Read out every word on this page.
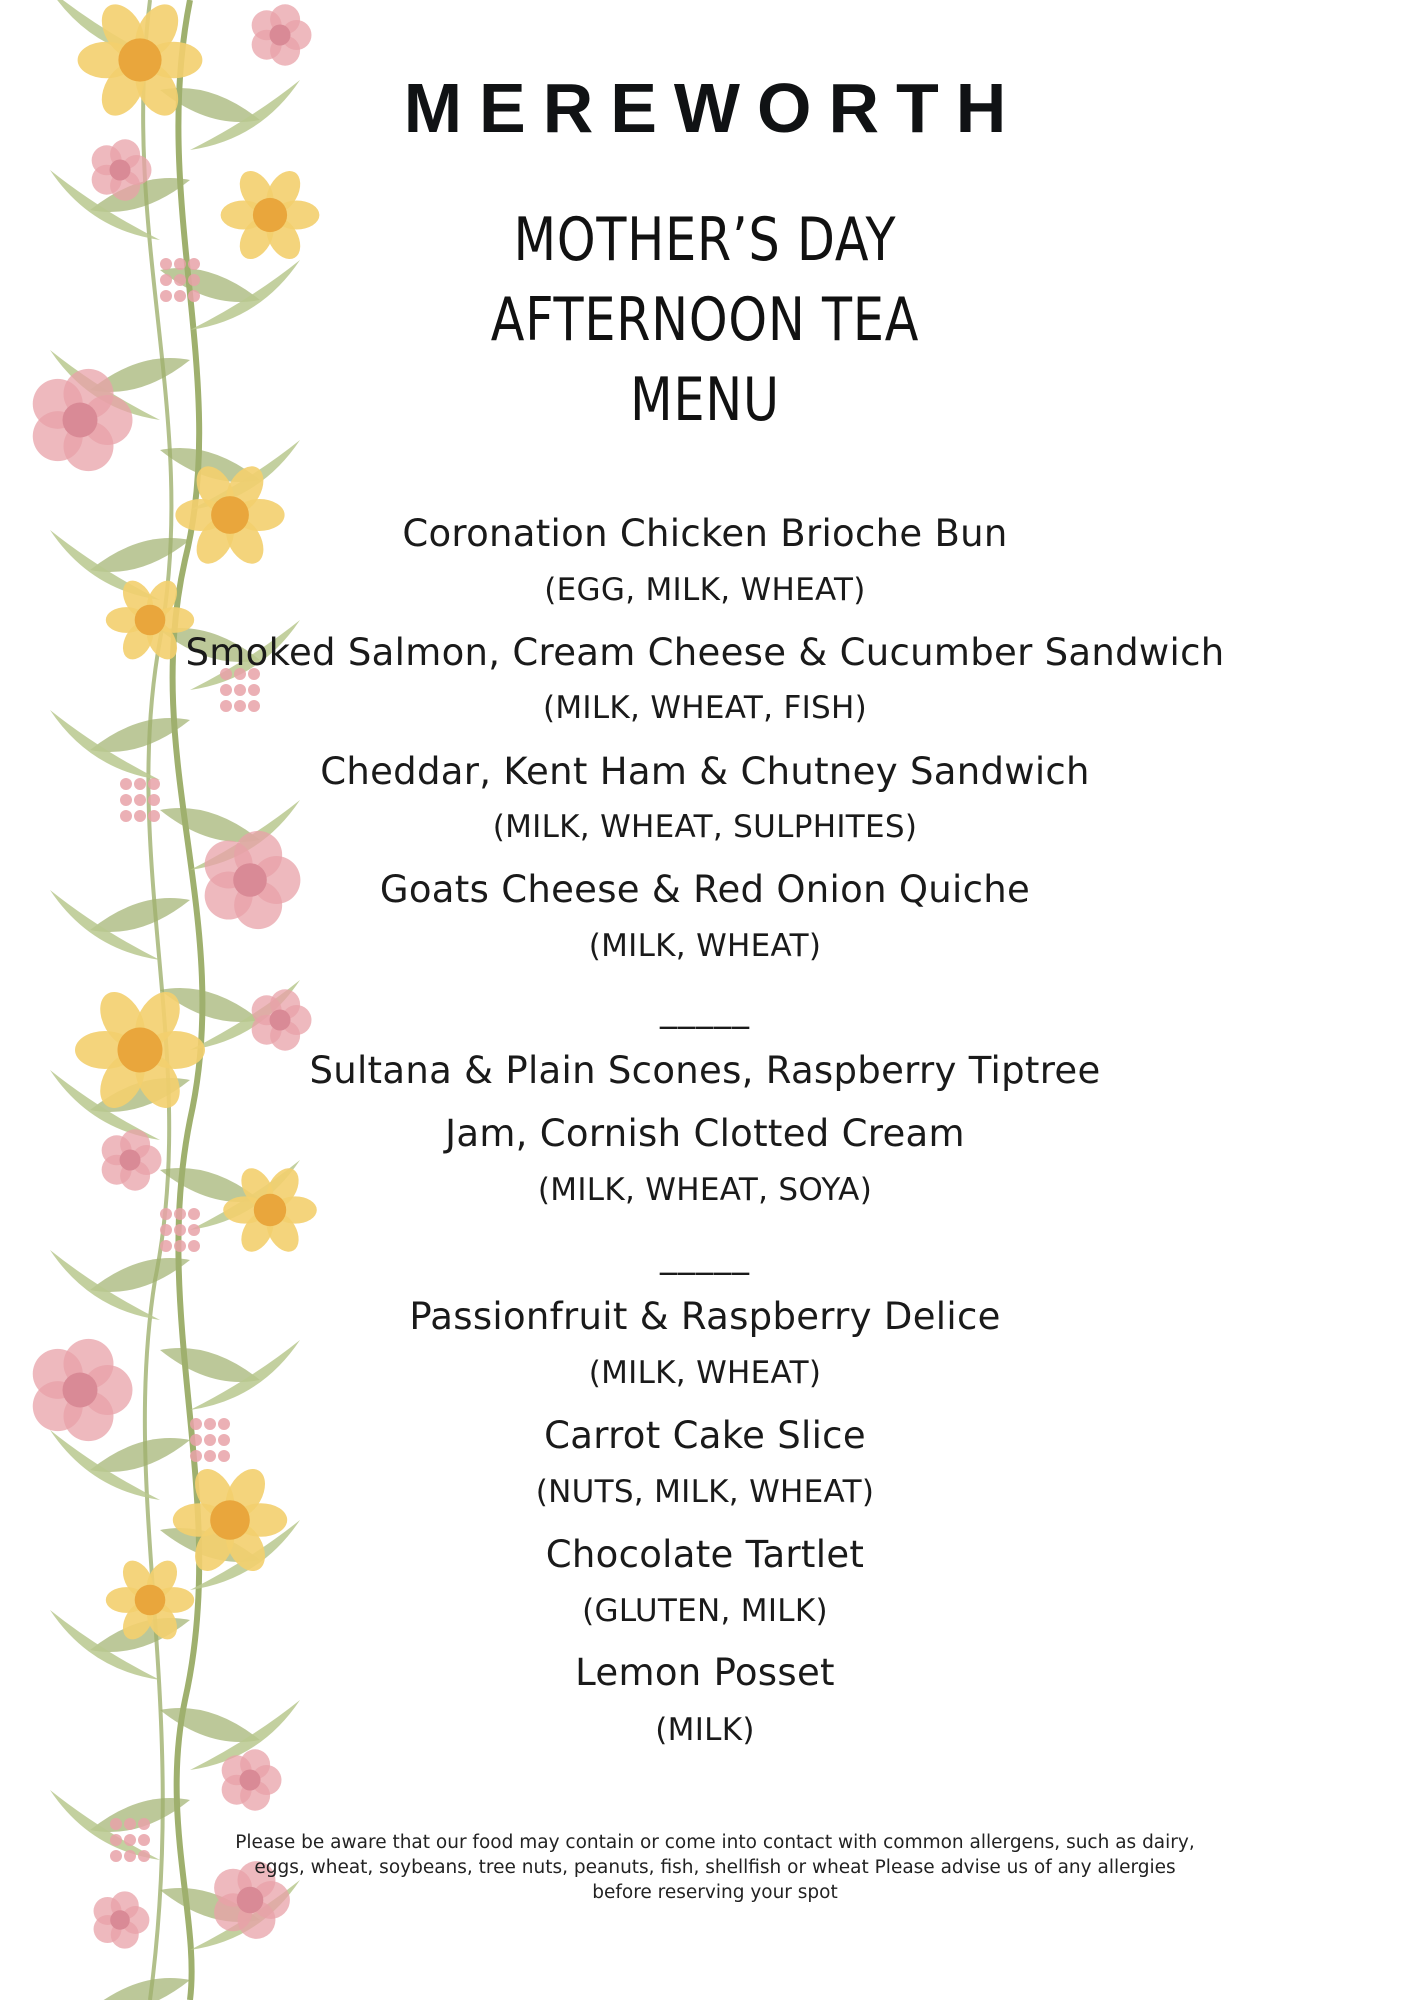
MEREWORTH
MOTHER’S DAY
AFTERNOON TEA
MENU
Coronation Chicken Brioche Bun
(EGG, MILK, WHEAT)
Smoked Salmon, Cream Cheese & Cucumber Sandwich
(MILK, WHEAT, FISH)
Cheddar, Kent Ham & Chutney Sandwich
(MILK, WHEAT, SULPHITES)
Goats Cheese & Red Onion Quiche
(MILK, WHEAT)
_____
Sultana & Plain Scones, Raspberry Tiptree
Jam, Cornish Clotted Cream
(MILK, WHEAT, SOYA)
_____
Passionfruit & Raspberry Delice
(MILK, WHEAT)
Carrot Cake Slice
(NUTS, MILK, WHEAT)
Chocolate Tartlet
(GLUTEN, MILK)
Lemon Posset
(MILK)
Please be aware that our food may contain or come into contact with common allergens, such as dairy,
eggs, wheat, soybeans, tree nuts, peanuts, fish, shellfish or wheat Please advise us of any allergies
before reserving your spot
